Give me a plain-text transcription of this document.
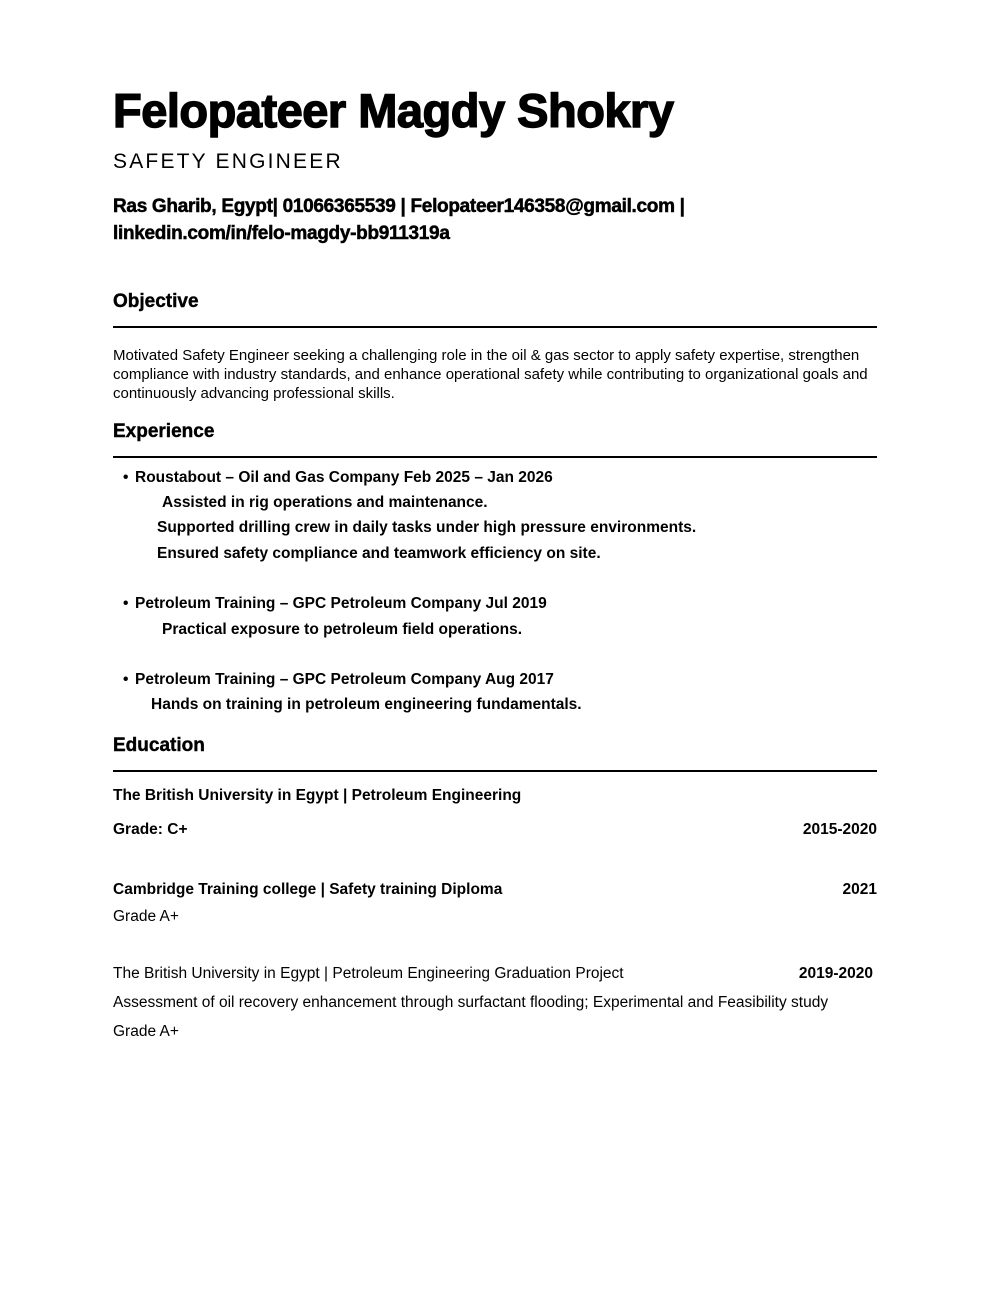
Felopateer Magdy Shokry
SAFETY ENGINEER
Ras Gharib, Egypt| 01066365539 | Felopateer146358@gmail.com |
linkedin.com/in/felo-magdy-bb911319a
Objective
Motivated Safety Engineer seeking a challenging role in the oil & gas sector to apply safety expertise, strengthen compliance with industry standards, and enhance operational safety while contributing to organizational goals and continuously advancing professional skills.
Experience
• Roustabout – Oil and Gas Company Feb 2025 – Jan 2026
Assisted in rig operations and maintenance.
Supported drilling crew in daily tasks under high pressure environments.
Ensured safety compliance and teamwork efficiency on site.
• Petroleum Training – GPC Petroleum Company Jul 2019
Practical exposure to petroleum field operations.
• Petroleum Training – GPC Petroleum Company Aug 2017
Hands on training in petroleum engineering fundamentals.
Education
The British University in Egypt | Petroleum Engineering
Grade: C+	2015-2020
Cambridge Training college | Safety training Diploma	2021
Grade A+
The British University in Egypt | Petroleum Engineering Graduation Project	2019-2020
Assessment of oil recovery enhancement through surfactant flooding; Experimental and Feasibility study
Grade A+
